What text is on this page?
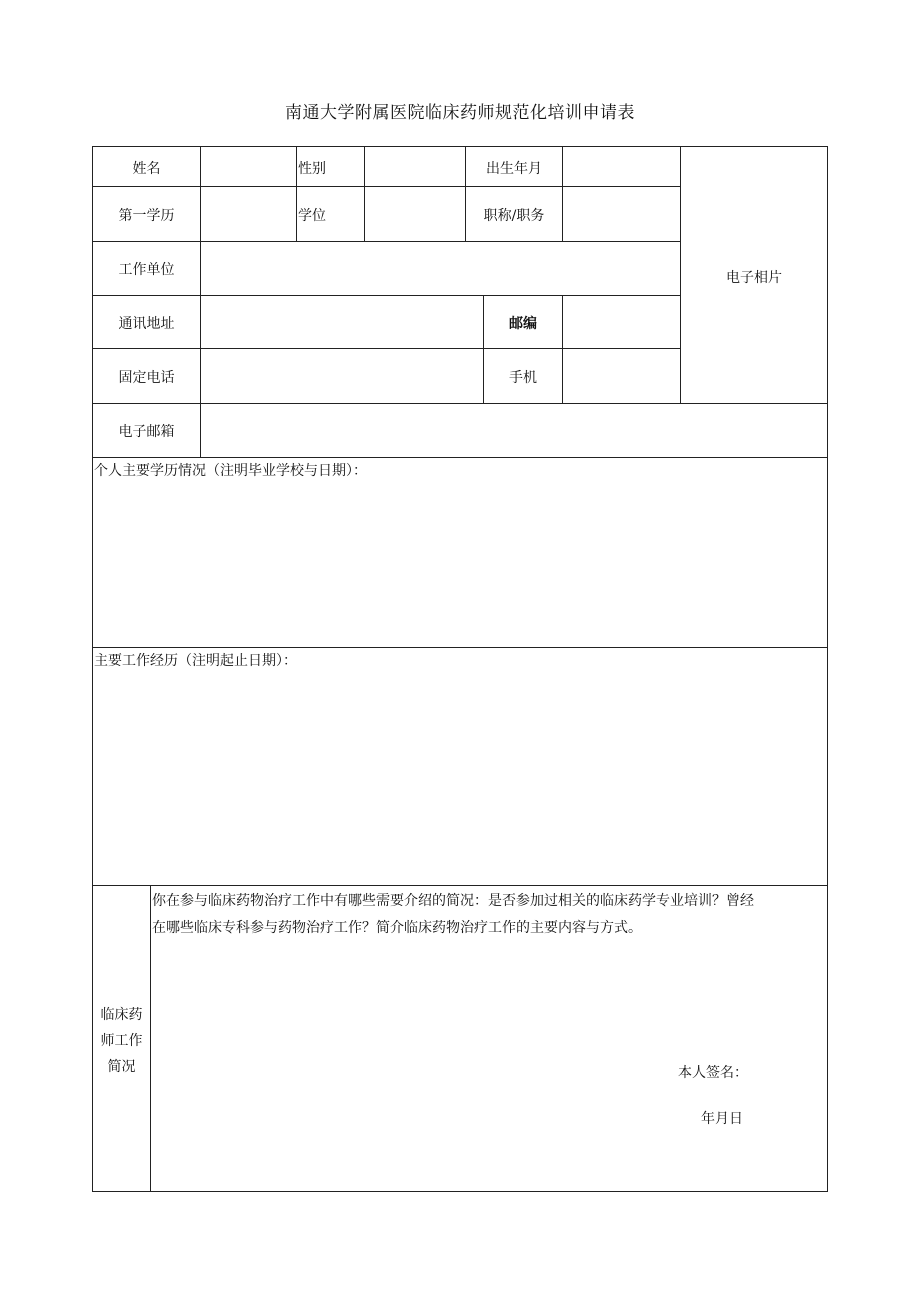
南通大学附属医院临床药师规范化培训申请表
姓名	性别	出生年月
第一学历	学位	职称/职务
电子相片
工作单位
通讯地址	邮编
固定电话	手机
电子邮箱
个人主要学历情况（注明毕业学校与日期）：
主要工作经历（注明起止日期）：
临床药
师工作
简况
你在参与临床药物治疗工作中有哪些需要介绍的简况：是否参加过相关的临床药学专业培训？曾经
在哪些临床专科参与药物治疗工作？简介临床药物治疗工作的主要内容与方式。
本人签名：
年月日
